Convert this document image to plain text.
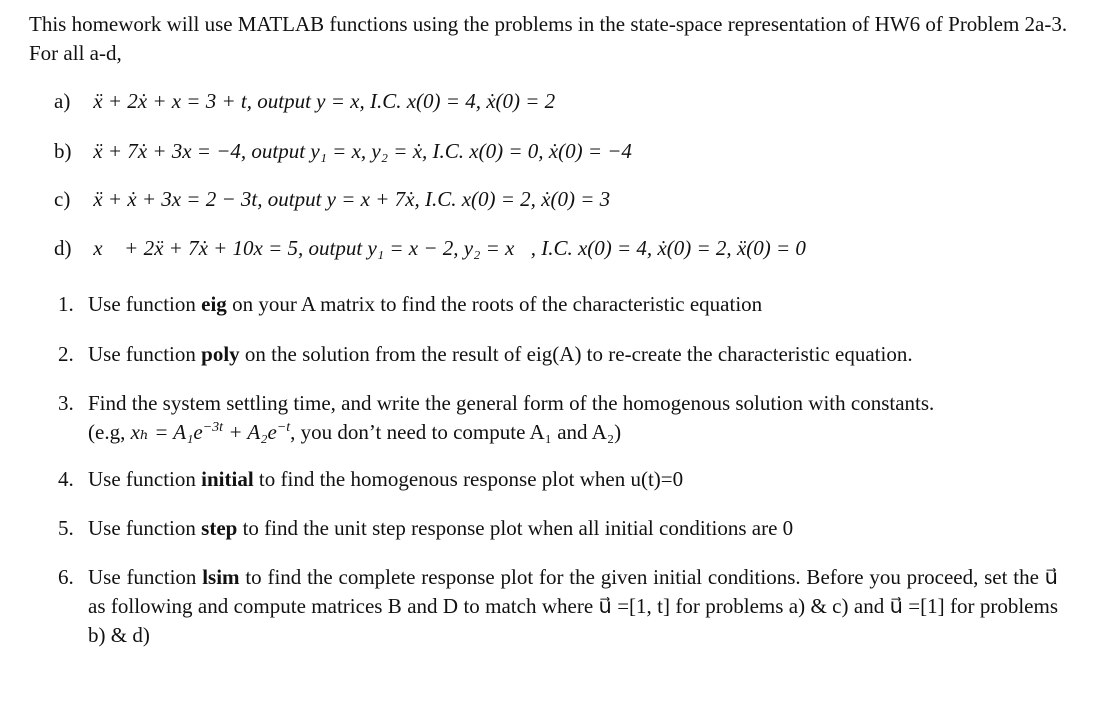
This homework will use MATLAB functions using the problems in the state-space representation of HW6 of Problem 2a-3. For all a-d,
a) ẍ + 2ẋ + x = 3 + t, output y = x, I.C. x(0) = 4, ẋ(0) = 2
b) ẍ + 7ẋ + 3x = −4, output y₁ = x, y₂ = ẋ, I.C. x(0) = 0, ẋ(0) = −4
c) ẍ + ẋ + 3x = 2 − 3t, output y = x + 7ẋ, I.C. x(0) = 2, ẋ(0) = 3
d) x⃛ + 2ẍ + 7ẋ + 10x = 5, output y₁ = x − 2, y₂ = x⃛, I.C. x(0) = 4, ẋ(0) = 2, ẍ(0) = 0
1. Use function eig on your A matrix to find the roots of the characteristic equation
2. Use function poly on the solution from the result of eig(A) to re-create the characteristic equation.
3. Find the system settling time, and write the general form of the homogenous solution with constants.
(e.g, $x_h = A_1e^{-3t} + A_2e^{-t}$, you don’t need to compute A₁ and A₂)
4. Use function initial to find the homogenous response plot when u(t)=0
5. Use function step to find the unit step response plot when all initial conditions are 0
6. Use function lsim to find the complete response plot for the given initial conditions. Before you proceed, set the u⃗ as following and compute matrices B and D to match where u⃗ =[1, t] for problems a) & c) and u⃗ =[1] for problems b) & d)
